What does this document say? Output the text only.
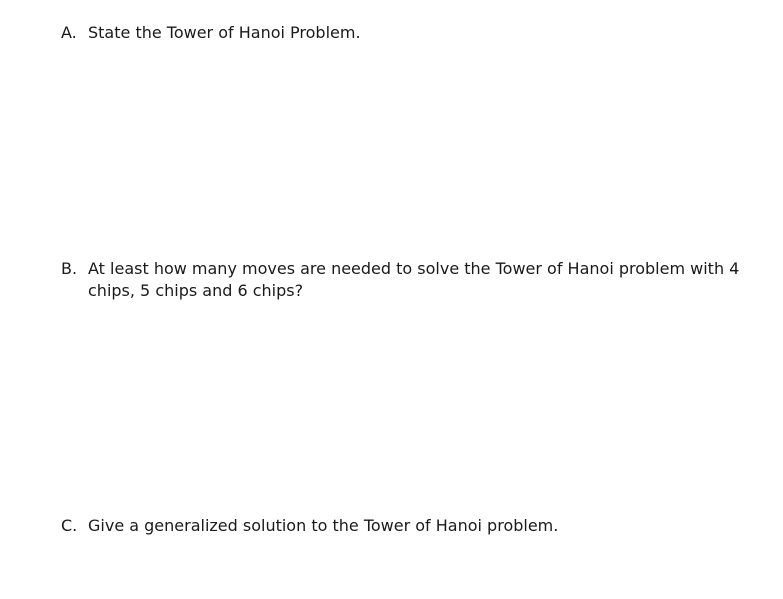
A. State the Tower of Hanoi Problem.
B. At least how many moves are needed to solve the Tower of Hanoi problem with 4 chips, 5 chips and 6 chips?
C. Give a generalized solution to the Tower of Hanoi problem.
